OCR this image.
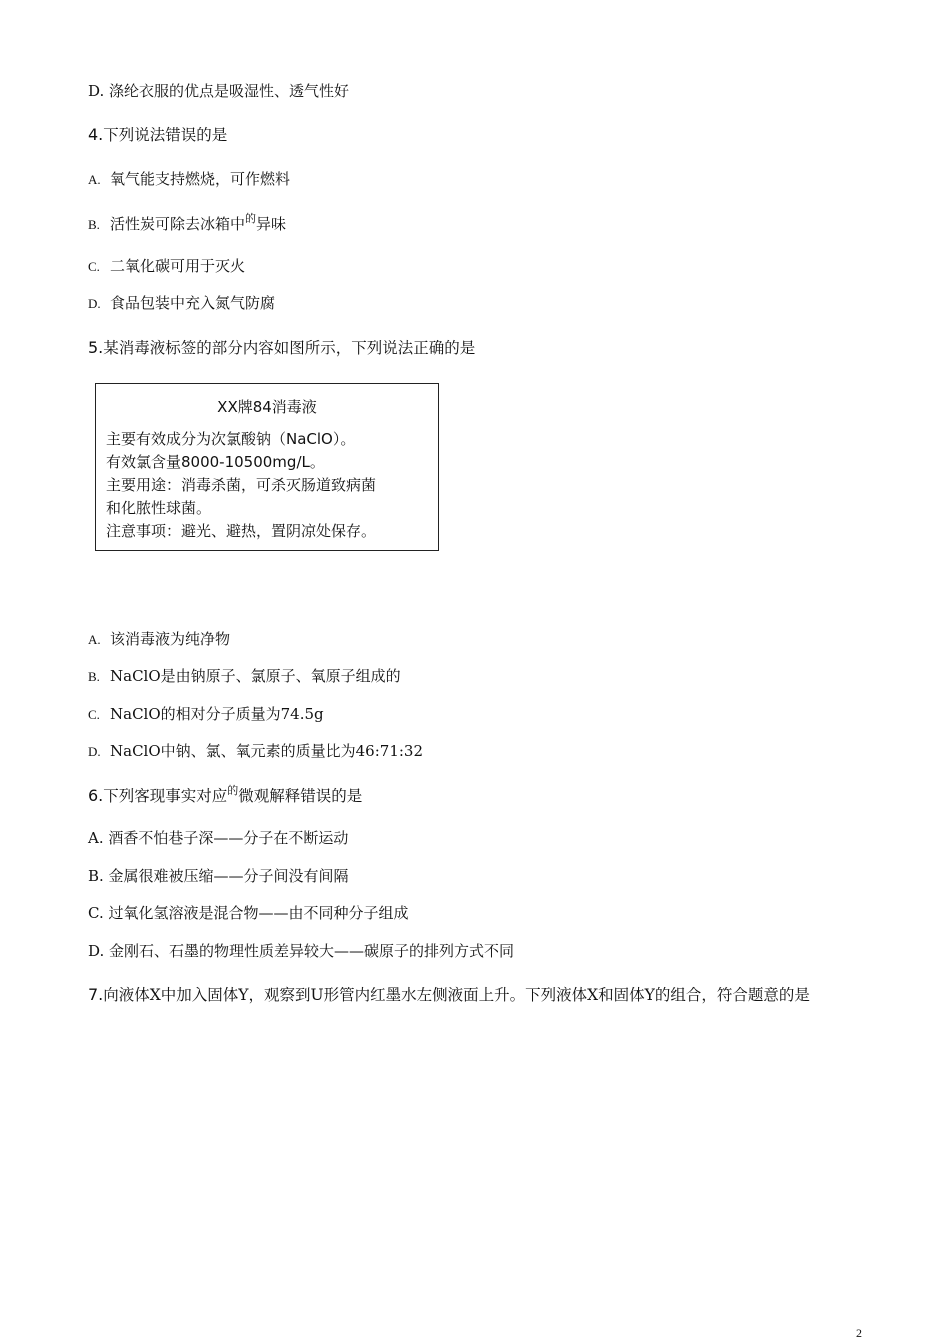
D. 涤纶衣服的优点是吸湿性、透气性好
4.下列说法错误的是
A. 氧气能支持燃烧，可作燃料
B. 活性炭可除去冰箱中$^的$异味
C. 二氧化碳可用于灭火
D. 食品包装中充入氮气防腐
5.某消毒液标签的部分内容如图所示，下列说法正确的是
XX牌84消毒液
主要有效成分为次氯酸钠（NaClO）。
有效氯含量8000-10500mg/L。
主要用途：消毒杀菌，可杀灭肠道致病菌
和化脓性球菌。
注意事项：避光、避热，置阴凉处保存。
A. 该消毒液为纯净物
B. NaClO是由钠原子、氯原子、氧原子组成的
C. NaClO的相对分子质量为74.5g
D. NaClO中钠、氯、氧元素的质量比为46:71:32
6.下列客现事实对应$^的$微观解释错误的是
A. 酒香不怕巷子深——分子在不断运动
B. 金属很难被压缩——分子间没有间隔
C. 过氧化氢溶液是混合物——由不同种分子组成
D. 金刚石、石墨的物理性质差异较大——碳原子的排列方式不同
7.向液体X中加入固体Y，观察到U形管内红墨水左侧液面上升。下列液体X和固体Y的组合，符合题意的是
2
